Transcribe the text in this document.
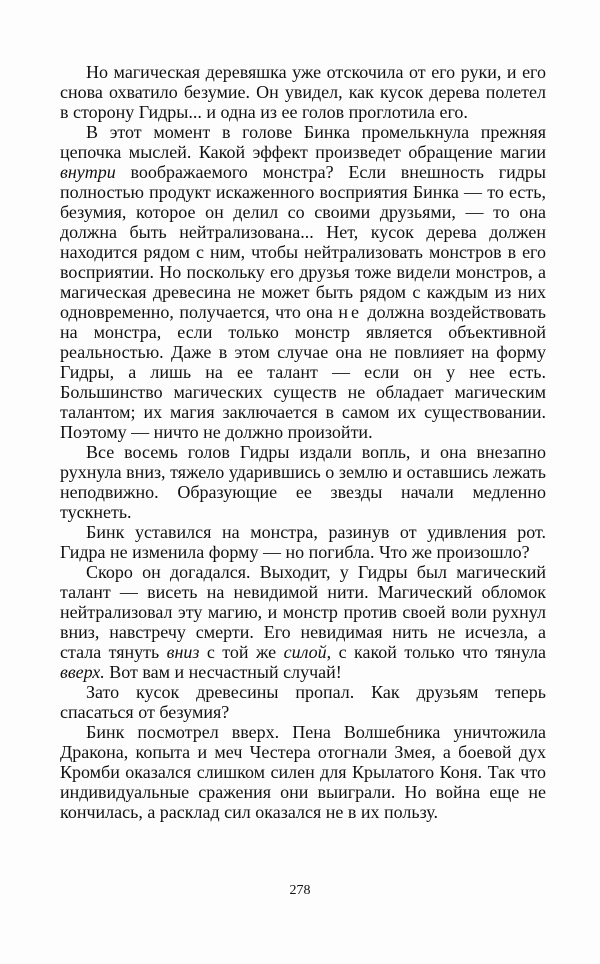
Но магическая деревяшка уже отскочила от его руки, и его снова охватило безумие. Он увидел, как кусок дерева полетел в сторону Гидры... и одна из ее голов проглотила его.

В этот момент в голове Бинка промелькнула прежняя цепочка мыслей. Какой эффект произведет обращение магии внутри воображаемого монстра? Если внешность гидры полностью продукт искаженного восприятия Бинка — то есть, безумия, которое он делил со своими друзьями, — то она должна быть нейтрализована... Нет, кусок дерева должен находится рядом с ним, чтобы нейтрализовать монстров в его восприятии. Но поскольку его друзья тоже видели монстров, а магическая древесина не может быть рядом с каждым из них одновременно, получается, что она не должна воздействовать на монстра, если только монстр является объективной реальностью. Даже в этом случае она не повлияет на форму Гидры, а лишь на ее талант — если он у нее есть. Большинство магических существ не обладает магическим талантом; их магия заключается в самом их существовании. Поэтому — ничто не должно произойти.

Все восемь голов Гидры издали вопль, и она внезапно рухнула вниз, тяжело ударившись о землю и оставшись лежать неподвижно. Образующие ее звезды начали медленно тускнеть.

Бинк уставился на монстра, разинув от удивления рот. Гидра не изменила форму — но погибла. Что же произошло?

Скоро он догадался. Выходит, у Гидры был магический талант — висеть на невидимой нити. Магический обломок нейтрализовал эту магию, и монстр против своей воли рухнул вниз, навстречу смерти. Его невидимая нить не исчезла, а стала тянуть вниз с той же силой, с какой только что тянула вверх. Вот вам и несчастный случай!

Зато кусок древесины пропал. Как друзьям теперь спасаться от безумия?

Бинк посмотрел вверх. Пена Волшебника уничтожила Дракона, копыта и меч Честера отогнали Змея, а боевой дух Кромби оказался слишком силен для Крылатого Коня. Так что индивидуальные сражения они выиграли. Но война еще не кончилась, а расклад сил оказался не в их пользу.

278
